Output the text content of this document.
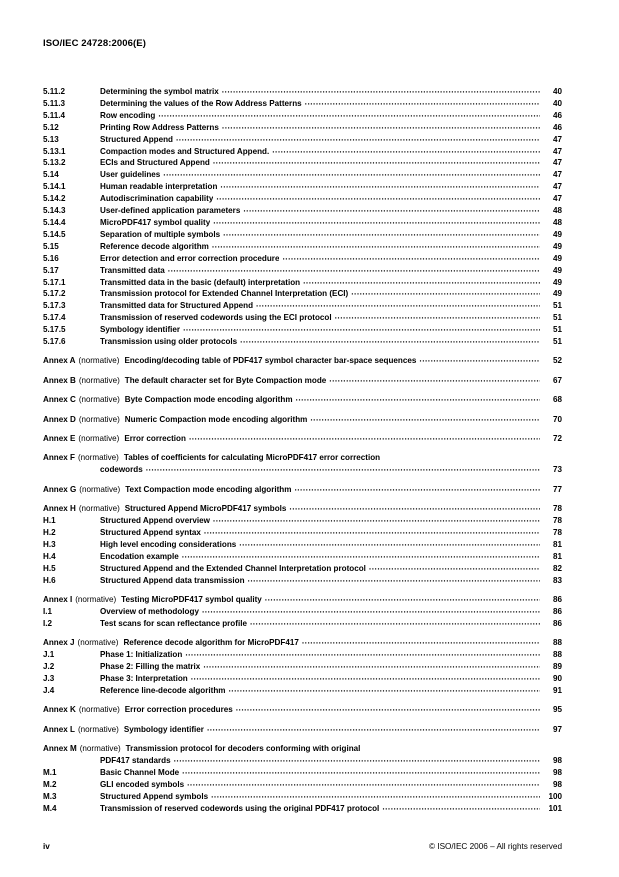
ISO/IEC 24728:2006(E)
5.11.2	Determining the symbol matrix .....	40
5.11.3	Determining the values of the Row Address Patterns .....	40
5.11.4	Row encoding .....	46
5.12	Printing Row Address Patterns .....	46
5.13	Structured Append .....	47
5.13.1	Compaction modes and Structured Append. .....	47
5.13.2	ECIs and Structured Append .....	47
5.14	User guidelines .....	47
5.14.1	Human readable interpretation .....	47
5.14.2	Autodiscrimination capability .....	47
5.14.3	User-defined application parameters .....	48
5.14.4	MicroPDF417 symbol quality .....	48
5.14.5	Separation of multiple symbols .....	49
5.15	Reference decode algorithm .....	49
5.16	Error detection and error correction procedure .....	49
5.17	Transmitted data .....	49
5.17.1	Transmitted data in the basic (default) interpretation .....	49
5.17.2	Transmission protocol for Extended Channel Interpretation (ECI) .....	49
5.17.3	Transmitted data for Structured Append .....	51
5.17.4	Transmission of reserved codewords using the ECI protocol .....	51
5.17.5	Symbology identifier .....	51
5.17.6	Transmission using older protocols .....	51
Annex A (normative) Encoding/decoding table of PDF417 symbol character bar-space sequences .....	52
Annex B (normative) The default character set for Byte Compaction mode .....	67
Annex C (normative) Byte Compaction mode encoding algorithm .....	68
Annex D (normative) Numeric Compaction mode encoding algorithm .....	70
Annex E (normative) Error correction .....	72
Annex F (normative) Tables of coefficients for calculating MicroPDF417 error correction
codewords .....	73
Annex G (normative) Text Compaction mode encoding algorithm .....	77
Annex H (normative) Structured Append MicroPDF417 symbols .....	78
H.1	Structured Append overview .....	78
H.2	Structured Append syntax .....	78
H.3	High level encoding considerations .....	81
H.4	Encodation example .....	81
H.5	Structured Append and the Extended Channel Interpretation protocol .....	82
H.6	Structured Append data transmission .....	83
Annex I (normative) Testing MicroPDF417 symbol quality .....	86
I.1	Overview of methodology .....	86
I.2	Test scans for scan reflectance profile .....	86
Annex J (normative) Reference decode algorithm for MicroPDF417 .....	88
J.1	Phase 1: Initialization .....	88
J.2	Phase 2: Filling the matrix .....	89
J.3	Phase 3: Interpretation .....	90
J.4	Reference line-decode algorithm .....	91
Annex K (normative) Error correction procedures .....	95
Annex L (normative) Symbology identifier .....	97
Annex M (normative) Transmission protocol for decoders conforming with original
PDF417 standards .....	98
M.1	Basic Channel Mode .....	98
M.2	GLI encoded symbols .....	98
M.3	Structured Append symbols .....	100
M.4	Transmission of reserved codewords using the original PDF417 protocol .....	101
iv	© ISO/IEC 2006 – All rights reserved
